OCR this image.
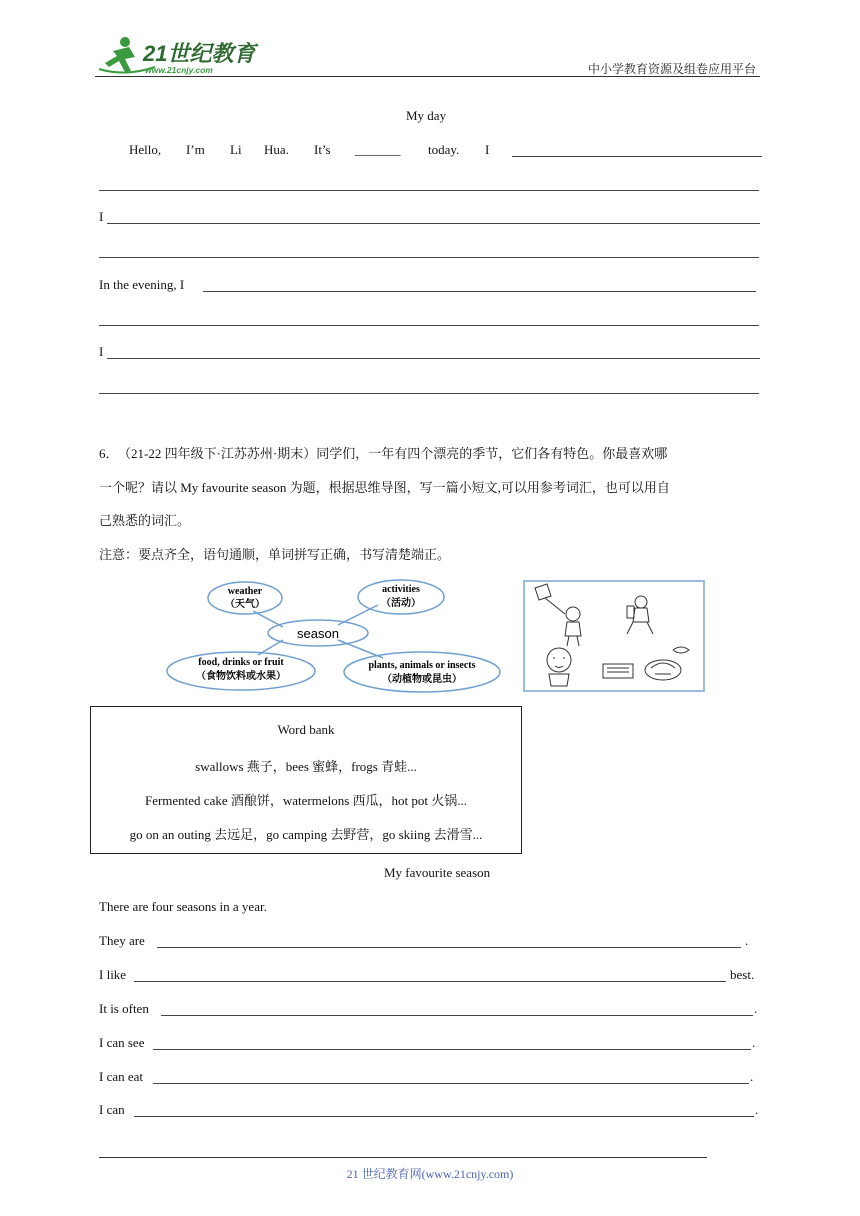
21世纪教育
www.21cnjy.com	中小学教育资源及组卷应用平台
My day
Hello, I’m Li Hua. It’s _______ today. I
I
In the evening, I
I
6． （21-22 四年级下·江苏苏州·期末）同学们，一年有四个漂亮的季节，它们各有特色。你最喜欢哪
一个呢？请以 My favourite season 为题，根据思维导图，写一篇小短文,可以用参考词汇，也可以用自
己熟悉的词汇。
注意：要点齐全，语句通顺，单词拼写正确，书写清楚端正。
weather
（天气）
activities
（活动）
season
food, drinks or fruit
（食物饮料或水果）
plants, animals or insects
（动植物或昆虫）
Word bank
swallows 燕子，bees 蜜蜂，frogs 青蛙...
Fermented cake 酒酿饼，watermelons 西瓜，hot pot 火锅...
go on an outing 去远足，go camping 去野营，go skiing 去滑雪...
My favourite season
There are four seasons in a year.
They are	.
I like	best.
It is often	.
I can see	.
I can eat	.
I can	.
21 世纪教育网(www.21cnjy.com)
